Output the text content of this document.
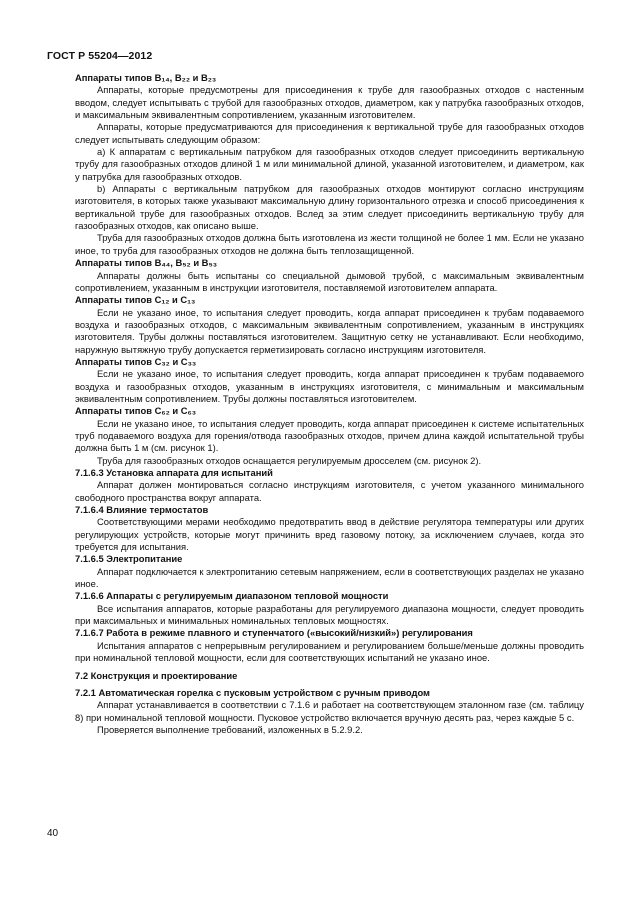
ГОСТ Р 55204—2012

Аппараты типов B₁₄, B₂₂ и B₂₃

Аппараты, которые предусмотрены для присоединения к трубе для газообразных отходов с настенным вводом, следует испытывать с трубой для газообразных отходов, диаметром, как у патрубка газообразных отходов, и максимальным эквивалентным сопротивлением, указанным изготовителем.

Аппараты, которые предусматриваются для присоединения к вертикальной трубе для газообразных отходов следует испытывать следующим образом:

a) К аппаратам с вертикальным патрубком для газообразных отходов следует присоединить вертикальную трубу для газообразных отходов длиной 1 м или минимальной длиной, указанной изготовителем, и диаметром, как у патрубка для газообразных отходов.

b) Аппараты с вертикальным патрубком для газообразных отходов монтируют согласно инструкциям изготовителя, в которых также указывают максимальную длину горизонтального отрезка и способ присоединения к вертикальной трубе для газообразных отходов. Вслед за этим следует присоединить вертикальную трубу для газообразных отходов, как описано выше.

Труба для газообразных отходов должна быть изготовлена из жести толщиной не более 1 мм. Если не указано иное, то труба для газообразных отходов не должна быть теплозащищенной.

Аппараты типов B₄₄, B₅₂ и B₅₃

Аппараты должны быть испытаны со специальной дымовой трубой, с максимальным эквивалентным сопротивлением, указанным в инструкции изготовителя, поставляемой изготовителем аппарата.

Аппараты типов C₁₂ и C₁₃

Если не указано иное, то испытания следует проводить, когда аппарат присоединен к трубам подаваемого воздуха и газообразных отходов, с максимальным эквивалентным сопротивлением, указанным в инструкциях изготовителя. Трубы должны поставляться изготовителем. Защитную сетку не устанавливают. Если необходимо, наружную вытяжную трубу допускается герметизировать согласно инструкциям изготовителя.

Аппараты типов C₃₂ и C₃₃

Если не указано иное, то испытания следует проводить, когда аппарат присоединен к трубам подаваемого воздуха и газообразных отходов, указанным в инструкциях изготовителя, с минимальным и максимальным эквивалентным сопротивлением. Трубы должны поставляться изготовителем.

Аппараты типов C₆₂ и C₆₃

Если не указано иное, то испытания следует проводить, когда аппарат присоединен к системе испытательных труб подаваемого воздуха для горения/отвода газообразных отходов, причем длина каждой испытательной трубы должна быть 1 м (см. рисунок 1).

Труба для газообразных отходов оснащается регулируемым дросселем (см. рисунок 2).

7.1.6.3 Установка аппарата для испытаний

Аппарат должен монтироваться согласно инструкциям изготовителя, с учетом указанного минимального свободного пространства вокруг аппарата.

7.1.6.4 Влияние термостатов

Соответствующими мерами необходимо предотвратить ввод в действие регулятора температуры или других регулирующих устройств, которые могут причинить вред газовому потоку, за исключением случаев, когда это требуется для испытания.

7.1.6.5 Электропитание

Аппарат подключается к электропитанию сетевым напряжением, если в соответствующих разделах не указано иное.

7.1.6.6 Аппараты с регулируемым диапазоном тепловой мощности

Все испытания аппаратов, которые разработаны для регулируемого диапазона мощности, следует проводить при максимальных и минимальных номинальных тепловых мощностях.

7.1.6.7 Работа в режиме плавного и ступенчатого («высокий/низкий») регулирования

Испытания аппаратов с непрерывным регулированием и регулированием больше/меньше должны проводить при номинальной тепловой мощности, если для соответствующих испытаний не указано иное.

7.2 Конструкция и проектирование

7.2.1 Автоматическая горелка с пусковым устройством с ручным приводом

Аппарат устанавливается в соответствии с 7.1.6 и работает на соответствующем эталонном газе (см. таблицу 8) при номинальной тепловой мощности. Пусковое устройство включается вручную десять раз, через каждые 5 с.

Проверяется выполнение требований, изложенных в 5.2.9.2.

40
